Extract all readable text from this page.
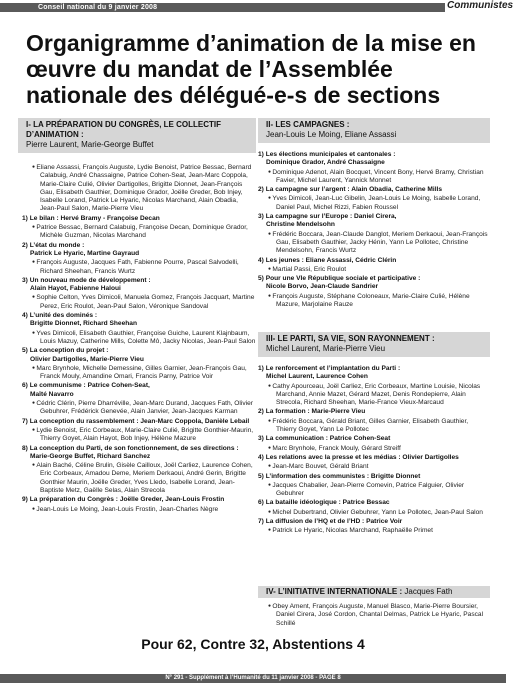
Conseil national du 9 janvier 2008	Communistes
Organigramme d’animation de la mise en œuvre du mandat de l’Assemblée nationale des délégué-e-s de sections
I- LA PRÉPARATION DU CONGRÈS, LE COLLECTIF D’ANIMATION :
Pierre Laurent, Marie-George Buffet
● Eliane Assassi, François Auguste, Lydie Benoist, Patrice Bessac, Bernard Calabuig, André Chassaigne, Patrice Cohen-Seat, Jean-Marc Coppola, Marie-Claire Culié, Olivier Dartigolles, Brigitte Dionnet, Jean-François Gau, Elisabeth Gauthier, Dominique Grador, Joëlle Greder, Bob Injey, Isabelle Lorand, Patrick Le Hyaric, Nicolas Marchand, Alain Obadia, Jean-Paul Salon, Marie-Pierre Vieu
1) Le bilan : Hervé Bramy - Françoise Decan
● Patrice Bessac, Bernard Calabuig, Françoise Decan, Dominique Grador, Michèle Guzman, Nicolas Marchand
2) L’état du monde :
Patrick Le Hyaric, Martine Gayraud
● François Auguste, Jacques Fath, Fabienne Pourre, Pascal Salvodelli, Richard Sheehan, Francis Wurtz
3) Un nouveau mode de développement :
Alain Hayot, Fabienne Haloui
● Sophie Celton, Yves Dimicoli, Manuela Gomez, François Jacquart, Martine Perez, Eric Roulot, Jean-Paul Salon, Véronique Sandoval
4) L’unité des dominés :
Brigitte Dionnet, Richard Sheehan
● Yves Dimicoli, Elisabeth Gauthier, Françoise Guiche, Laurent Klajnbaum, Louis Mazuy, Catherine Mills, Colette Mô, Jacky Nicolas, Jean-Paul Salon
5) La conception du projet :
Olivier Dartigolles, Marie-Pierre Vieu
● Marc Brynhole, Michelle Demessine, Gilles Garnier, Jean-François Gau, Franck Mouly, Amandine Omari, Francis Parny, Patrice Voir
6) Le communisme : Patrice Cohen-Seat,
Maïté Navarro
● Cédric Clérin, Pierre Dharréville, Jean-Marc Durand, Jacques Fath, Olivier Gebuhrer, Frédérick Genevée, Alain Janvier, Jean-Jacques Karman
7) La conception du rassemblement : Jean-Marc Coppola, Danièle Lebail
● Lydie Benoist, Eric Corbeaux, Marie-Claire Culié, Brigitte Gonthier-Maurin, Thierry Goyet, Alain Hayot, Bob Injey, Hélène Mazure
8) La conception du Parti, de son fonctionnement, de ses directions : Marie-George Buffet, Richard Sanchez
● Alain Baché, Céline Brulin, Gisèle Cailloux, Joël Carliez, Laurence Cohen, Eric Corbeaux, Amadou Deme, Meriem Derkaoui, André Gerin, Brigitte Gonthier Maurin, Joëlle Greder, Yves Lledo, Isabelle Lorand, Jean-Baptiste Metz, Gaëlle Selas, Alain Strecola
9) La préparation du Congrès : Joëlle Greder, Jean-Louis Frostin
● Jean-Louis Le Moing, Jean-Louis Frostin, Jean-Charles Nègre
II- LES CAMPAGNES :
Jean-Louis Le Moing, Eliane Assassi
1) Les élections municipales et cantonales :
Dominique Grador, André Chassaigne
● Dominique Adenot, Alain Bocquet, Vincent Bony, Hervé Bramy, Christian Favier, Michel Laurent, Yannick Monnet
2) La campagne sur l’argent : Alain Obadia, Catherine Mills
● Yves Dimicoli, Jean-Luc Gibelin, Jean-Louis Le Moing, Isabelle Lorand, Daniel Paul, Michel Rizzi, Fabien Roussel
3) La campagne sur l’Europe : Daniel Cirera,
Christine Mendelsohn
● Frédéric Boccara, Jean-Claude Danglot, Meriem Derkaoui, Jean-François Gau, Elisabeth Gauthier, Jacky Hénin, Yann Le Pollotec, Christine Mendelsohn, Francis Wurtz
4) Les jeunes : Eliane Assassi, Cédric Clérin
● Martial Passi, Eric Roulot
5) Pour une VIe République sociale et participative :
Nicole Borvo, Jean-Claude Sandrier
● François Auguste, Stéphane Coloneaux, Marie-Claire Culié, Hélène Mazure, Marjolaine Rauze
III- LE PARTI, SA VIE, SON RAYONNEMENT :
Michel Laurent, Marie-Pierre Vieu
1) Le renforcement et l’implantation du Parti :
Michel Laurent, Laurence Cohen
● Cathy Apourceau, Joël Carliez, Eric Corbeaux, Martine Louisie, Nicolas Marchand, Annie Mazet, Gérard Mazet, Denis Rondepierre, Alain Strecola, Richard Sheehan, Marie-France Vieux-Marcaud
2) La formation : Marie-Pierre Vieu
● Frédéric Boccara, Gérald Briant, Gilles Garnier, Elisabeth Gauthier, Thierry Goyet, Yann Le Pollotec
3) La communication : Patrice Cohen-Seat
● Marc Brynhole, Franck Mouly, Gérard Streiff
4) Les relations avec la presse et les médias : Olivier Dartigolles
● Jean-Marc Bouvet, Gérald Briant
5) L’information des communistes : Brigitte Dionnet
● Jacques Chabalier, Jean-Pierre Comevin, Patrice Falguier, Olivier Gebuhrer
6) La bataille idéologique : Patrice Bessac
● Michel Dubertrand, Olivier Gebuhrer, Yann Le Pollotec, Jean-Paul Salon
7) La diffusion de l’HQ et de l’HD : Patrice Voir
● Patrick Le Hyaric, Nicolas Marchand, Raphaëlle Primet
IV- L’INITIATIVE INTERNATIONALE : Jacques Fath
● Obey Ament, François Auguste, Manuel Blasco, Marie-Pierre Boursier, Daniel Cirera, José Cordon, Chantal Delmas, Patrick Le Hyaric, Pascal Schillé
Pour 62, Contre 32, Abstentions 4
N° 291 - Supplément à l’Humanité du 11 janvier 2008 - PAGE 8
